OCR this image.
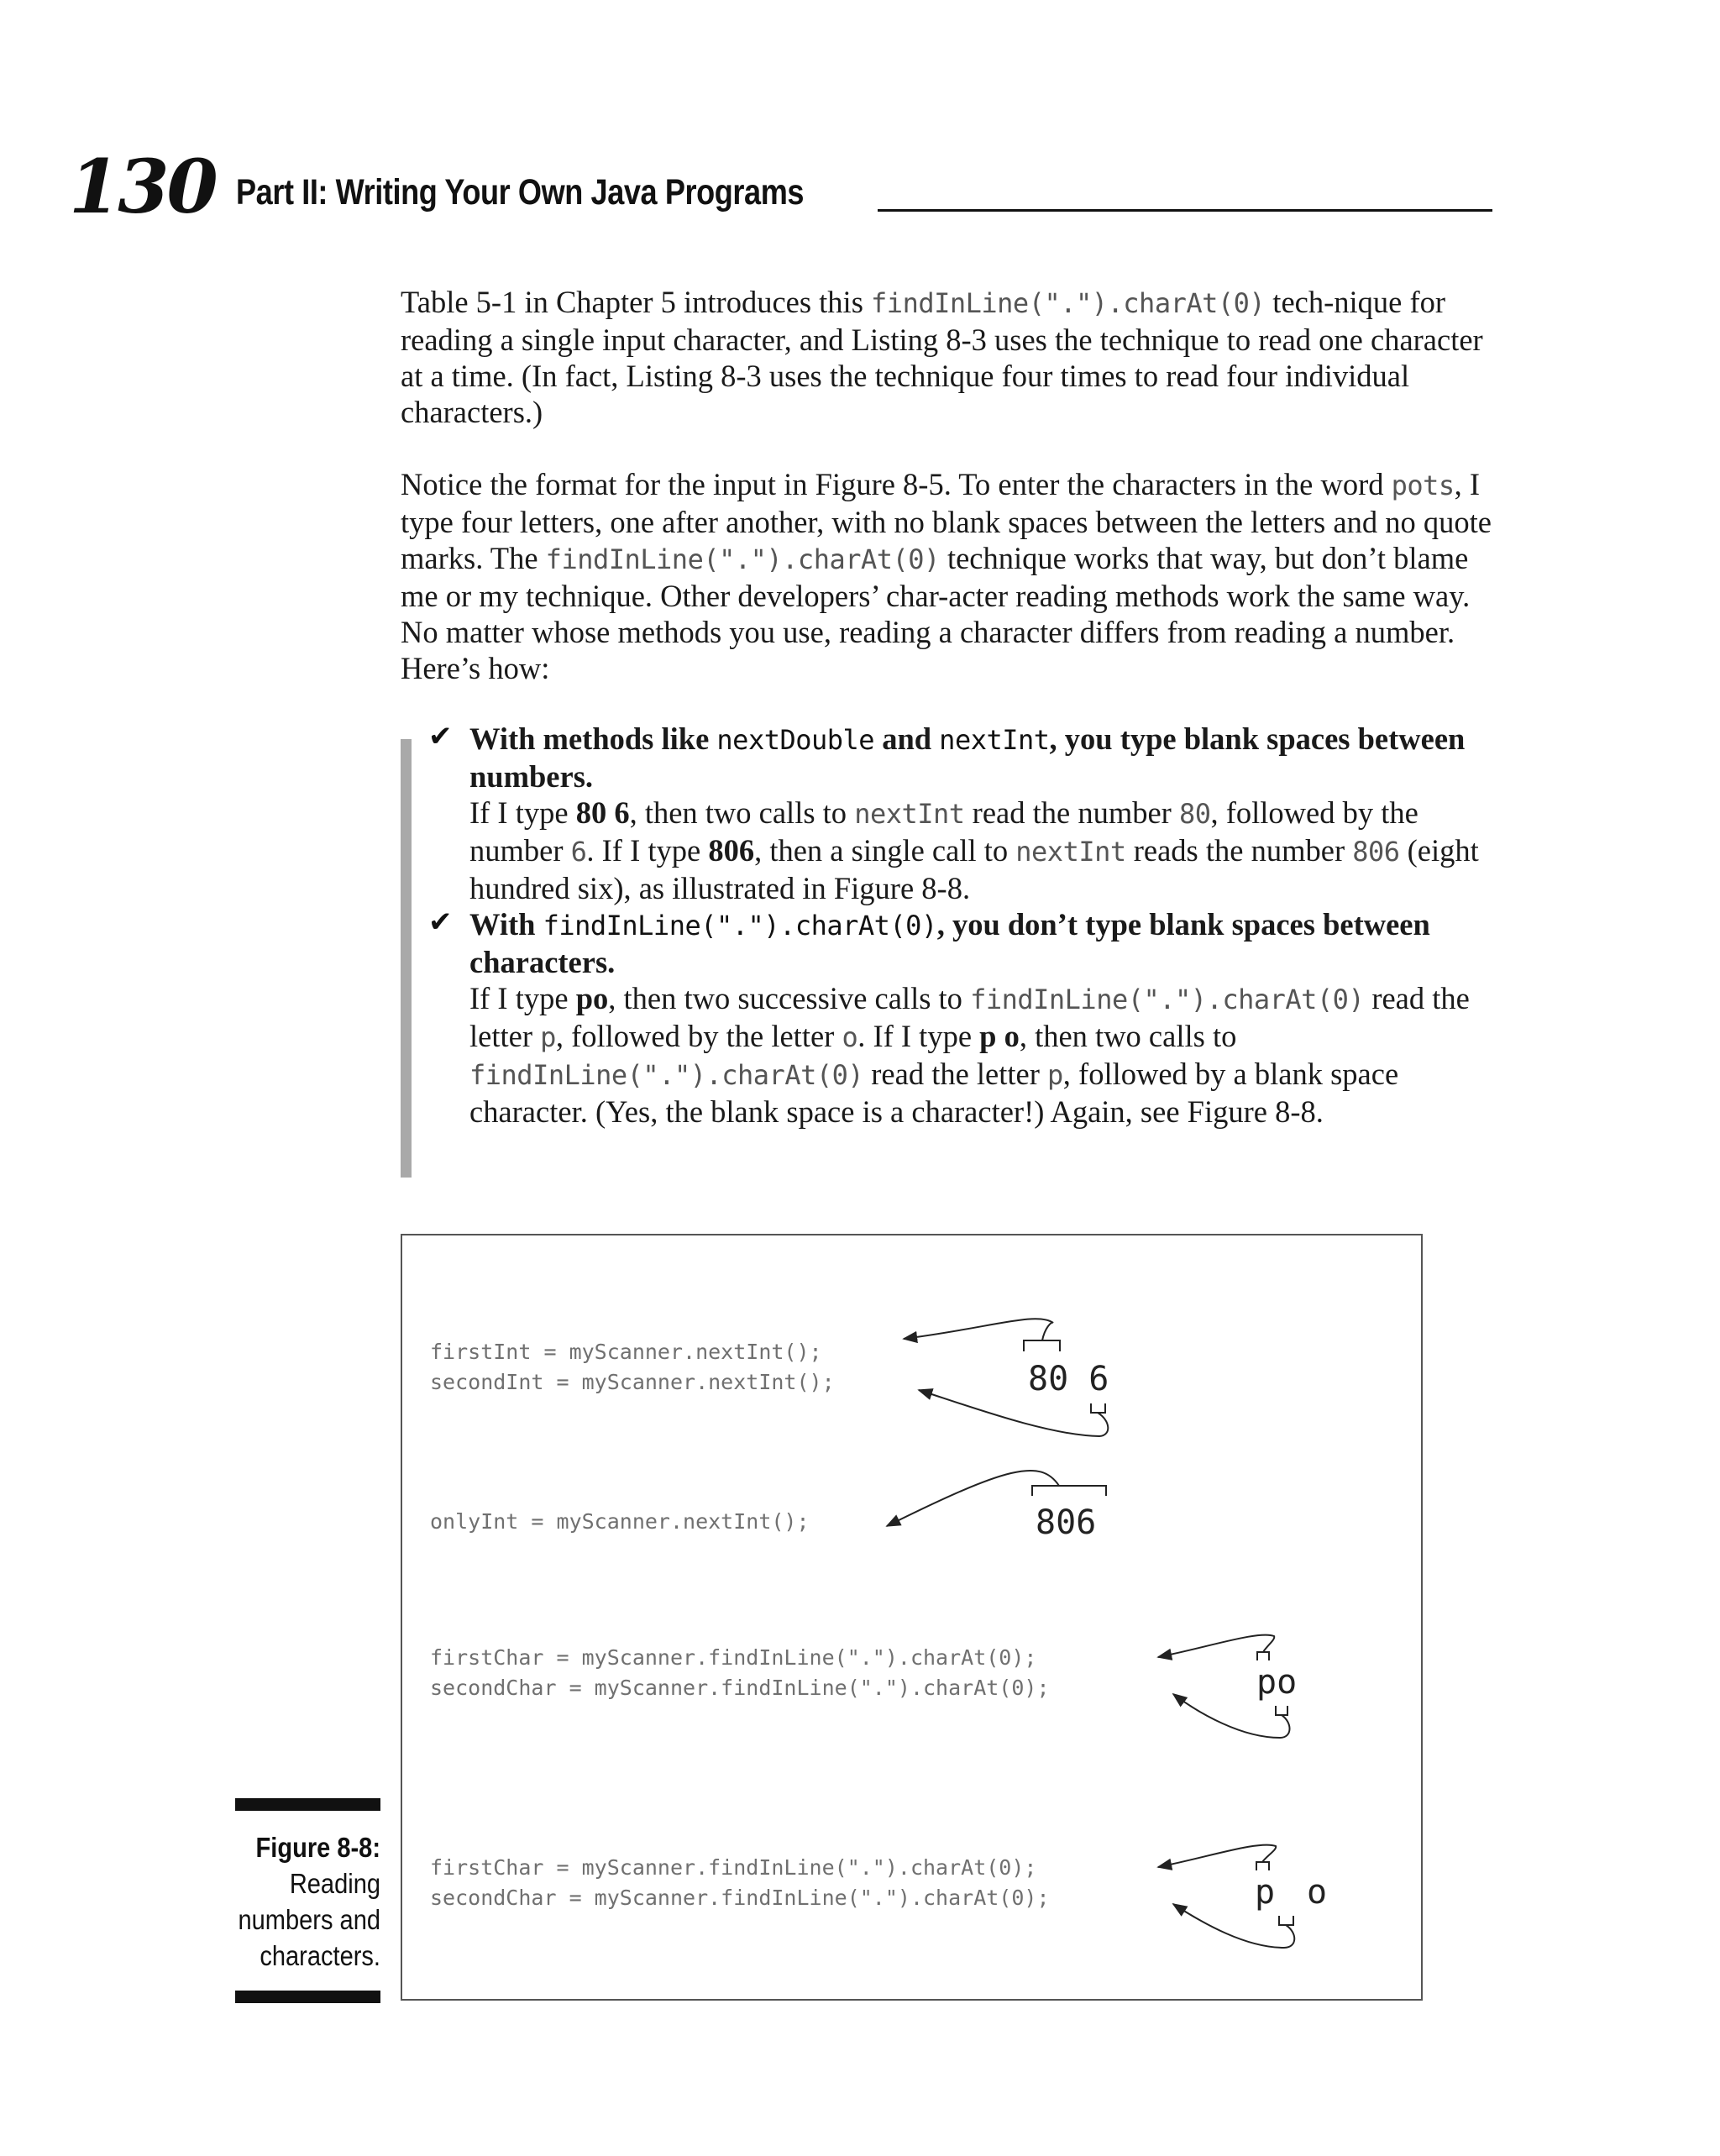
130 Part II: Writing Your Own Java Programs

Table 5-1 in Chapter 5 introduces this findInLine(".").charAt(0) tech-nique for reading a single input character, and Listing 8-3 uses the technique to read one character at a time. (In fact, Listing 8-3 uses the technique four times to read four individual characters.)

Notice the format for the input in Figure 8-5. To enter the characters in the word pots, I type four letters, one after another, with no blank spaces between the letters and no quote marks. The findInLine(".").charAt(0) technique works that way, but don’t blame me or my technique. Other developers’ char-acter reading methods work the same way. No matter whose methods you use, reading a character differs from reading a number. Here’s how:

✔ With methods like nextDouble and nextInt, you type blank spaces between numbers.

If I type 80 6, then two calls to nextInt read the number 80, followed by the number 6. If I type 806, then a single call to nextInt reads the number 806 (eight hundred six), as illustrated in Figure 8-8.

✔ With findInLine(".").charAt(0), you don’t type blank spaces between characters.

If I type po, then two successive calls to findInLine(".").charAt(0) read the letter p, followed by the letter o. If I type p o, then two calls to findInLine(".").charAt(0) read the letter p, followed by a blank space character. (Yes, the blank space is a character!) Again, see Figure 8-8.

firstInt = myScanner.nextInt();
secondInt = myScanner.nextInt();	80 6
onlyInt = myScanner.nextInt();	806
firstChar = myScanner.findInLine(".").charAt(0);
secondChar = myScanner.findInLine(".").charAt(0);	po
firstChar = myScanner.findInLine(".").charAt(0);
secondChar = myScanner.findInLine(".").charAt(0);	p o
Figure 8-8:
Reading numbers and characters.
